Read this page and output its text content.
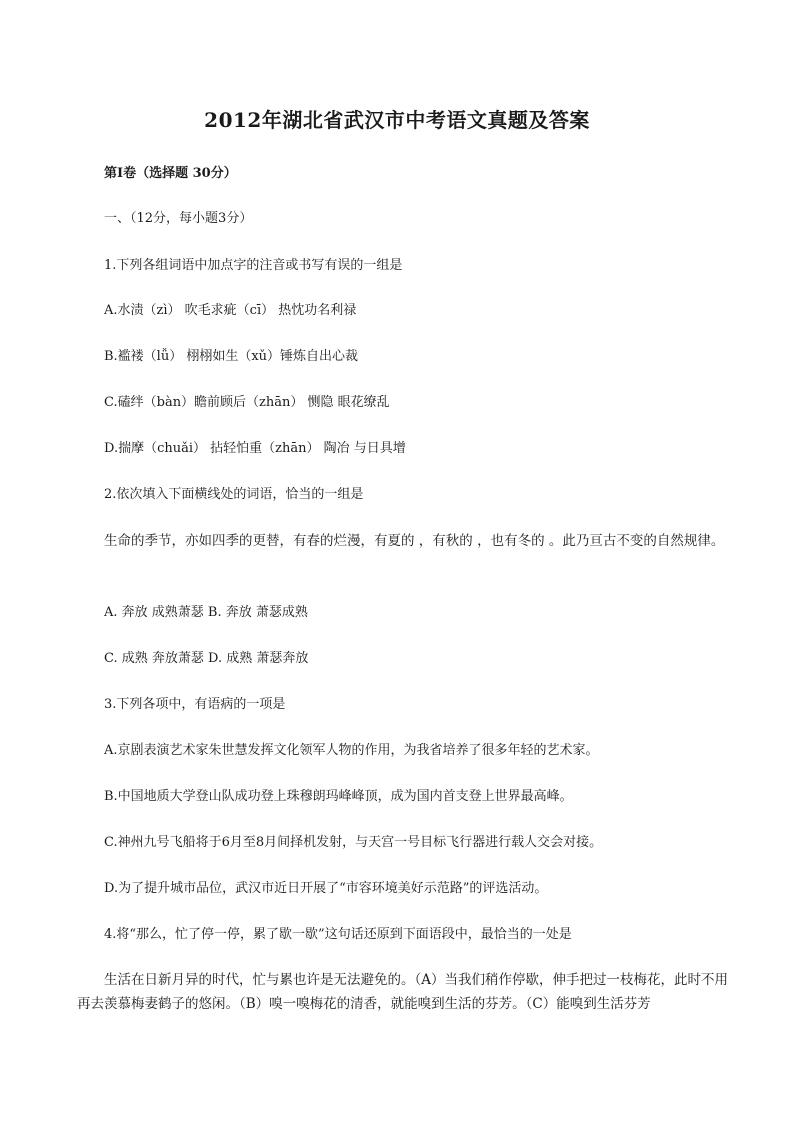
2012年湖北省武汉市中考语文真题及答案
第Ⅰ卷（选择题 30分）
一、（12分，每小题3分）
1.下列各组词语中加点字的注音或书写有误的一组是
A.水渍（zì） 吹毛求疵（cī） 热忱功名利禄
B.褴褛（lǚ） 栩栩如生（xǔ）锤炼自出心裁
C.磕绊（bàn）瞻前顾后（zhān） 恻隐 眼花缭乱
D.揣摩（chuǎi） 拈轻怕重（zhān） 陶冶 与日具增
2.依次填入下面横线处的词语，恰当的一组是
生命的季节，亦如四季的更替，有春的烂漫，有夏的 ，有秋的 ，也有冬的 。此乃亘古不变的自然规律。
A. 奔放 成熟萧瑟 B. 奔放 萧瑟成熟
C. 成熟 奔放萧瑟 D. 成熟 萧瑟奔放
3.下列各项中，有语病的一项是
A.京剧表演艺术家朱世慧发挥文化领军人物的作用，为我省培养了很多年轻的艺术家。
B.中国地质大学登山队成功登上珠穆朗玛峰峰顶，成为国内首支登上世界最高峰。
C.神州九号飞船将于6月至8月间择机发射，与天宫一号目标飞行器进行载人交会对接。
D.为了提升城市品位，武汉市近日开展了“市容环境美好示范路”的评选活动。
4.将“那么，忙了停一停，累了歇一歇”这句话还原到下面语段中，最恰当的一处是
生活在日新月异的时代，忙与累也许是无法避免的。（A）当我们稍作停歇，伸手把过一枝梅花，此时不用再去羡慕梅妻鹤子的悠闲。（B）嗅一嗅梅花的清香，就能嗅到生活的芬芳。（C）能嗅到生活芬芳
